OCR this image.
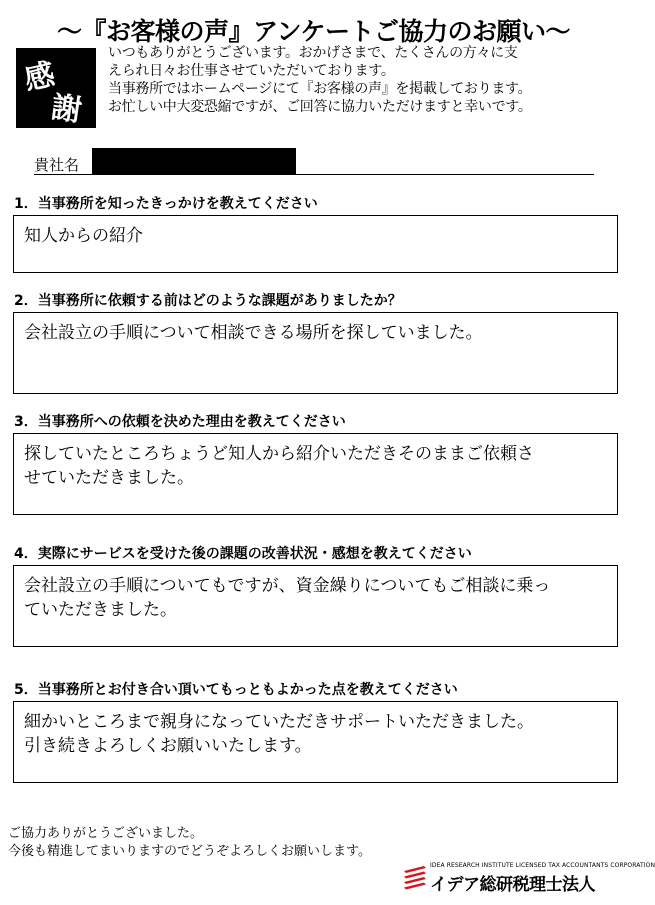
～『お客様の声』アンケートご協力のお願い～
感
謝
いつもありがとうございます。おかげさまで、たくさんの方々に支
えられ日々お仕事させていただいております。
当事務所ではホームページにて『お客様の声』を掲載しております。
お忙しい中大変恐縮ですが、ご回答に協力いただけますと幸いです。
貴社名
1．当事務所を知ったきっかけを教えてください
知人からの紹介
2．当事務所に依頼する前はどのような課題がありましたか？
会社設立の手順について相談できる場所を探していました。
3．当事務所への依頼を決めた理由を教えてください
探していたところちょうど知人から紹介いただきそのままご依頼さ
せていただきました。
4．実際にサービスを受けた後の課題の改善状況・感想を教えてください
会社設立の手順についてもですが、資金繰りについてもご相談に乗っ
ていただきました。
5．当事務所とお付き合い頂いてもっともよかった点を教えてください
細かいところまで親身になっていただきサポートいただきました。
引き続きよろしくお願いいたします。
ご協力ありがとうございました。
今後も精進してまいりますのでどうぞよろしくお願いします。
IDEA RESEARCH INSTITUTE LICENSED TAX ACCOUNTANTS CORPORATION
イデア総研税理士法人
